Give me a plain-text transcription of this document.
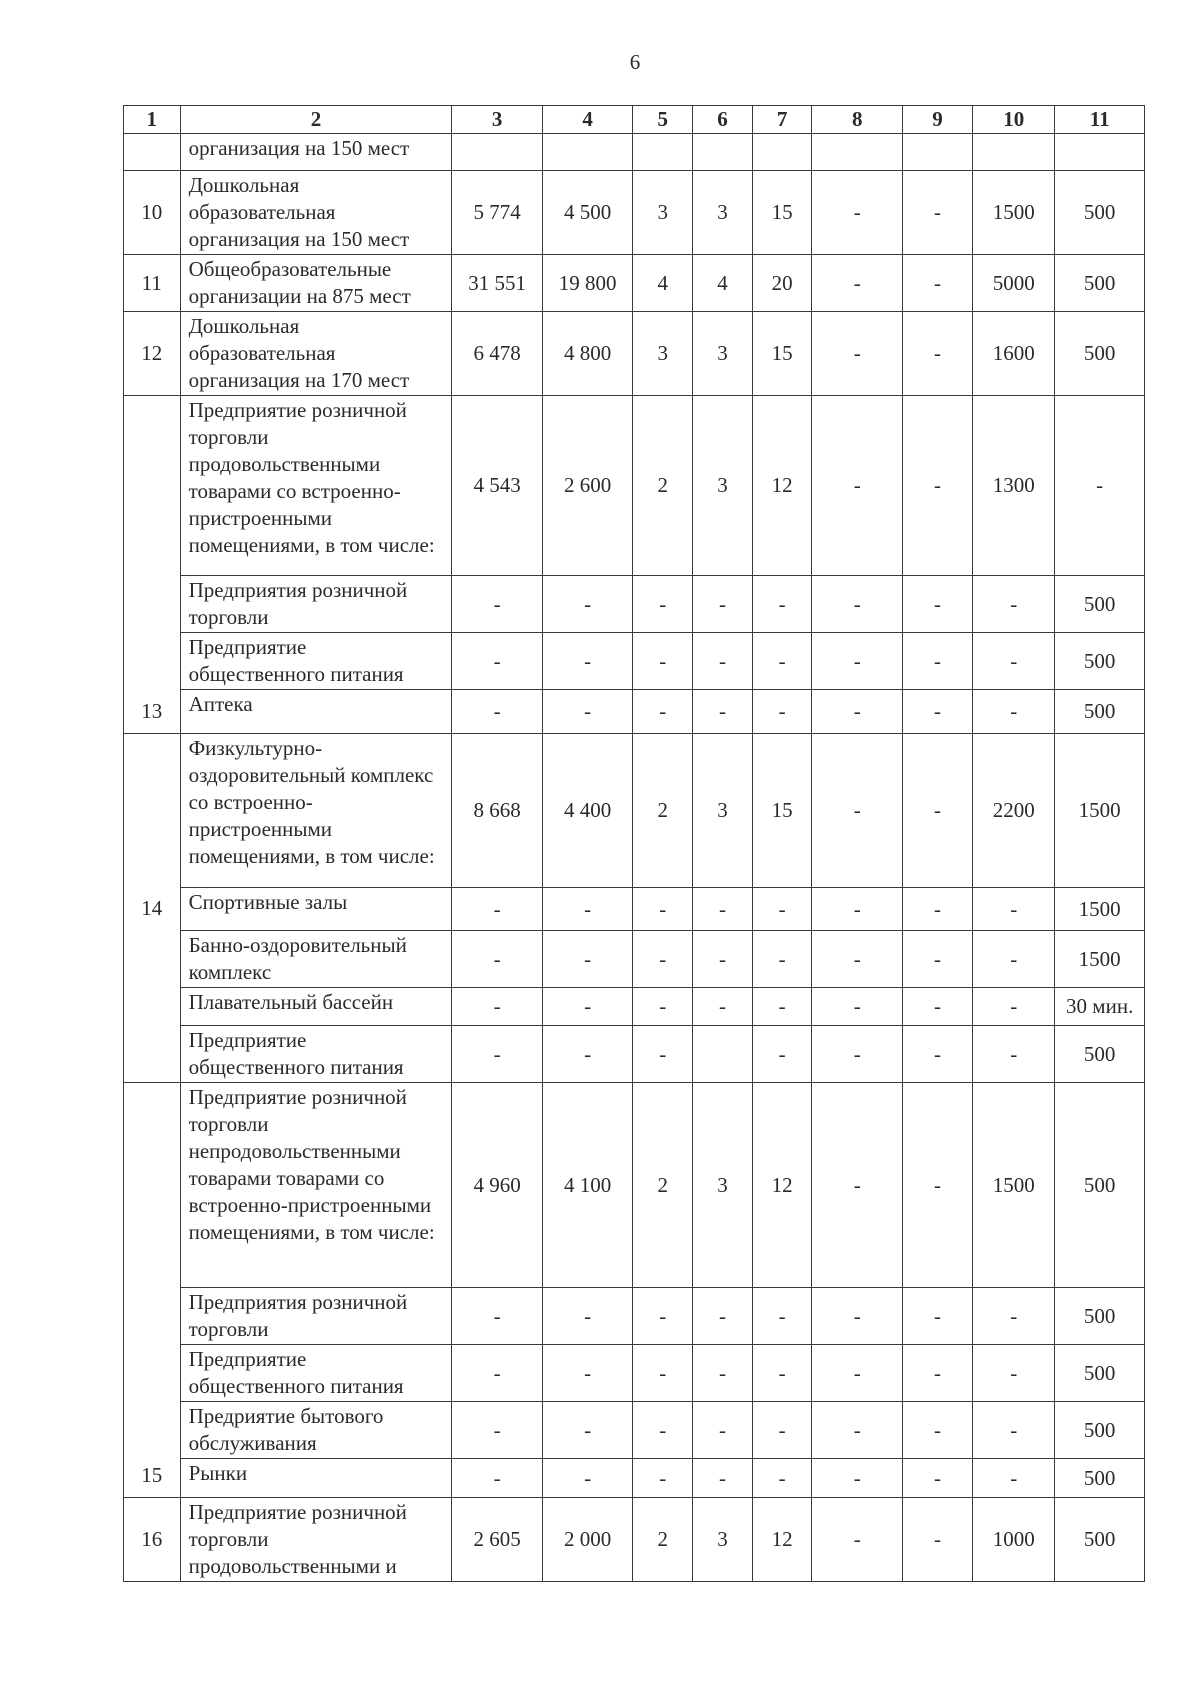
6
1	2	3	4	5	6	7	8	9	10	11
	организация на 150 мест									
10	Дошкольная образовательная организация на 150 мест	5 774	4 500	3	3	15	-	-	1500	500
11	Общеобразовательные организации на 875 мест	31 551	19 800	4	4	20	-	-	5000	500
12	Дошкольная образовательная организация на 170 мест	6 478	4 800	3	3	15	-	-	1600	500
13	Предприятие розничной торговли продовольственными товарами со встроенно-пристроенными помещениями, в том числе:	4 543	2 600	2	3	12	-	-	1300	-
	Предприятия розничной торговли	-	-	-	-	-	-	-	-	500
	Предприятие общественного питания	-	-	-	-	-	-	-	-	500
	Аптека	-	-	-	-	-	-	-	-	500
14	Физкультурно-оздоровительный комплекс со встроенно-пристроенными помещениями, в том числе:	8 668	4 400	2	3	15	-	-	2200	1500
	Спортивные залы	-	-	-	-	-	-	-	-	1500
	Банно-оздоровительный комплекс	-	-	-	-	-	-	-	-	1500
	Плавательный бассейн	-	-	-	-	-	-	-	-	30 мин.
	Предприятие общественного питания	-	-	-		-	-	-	-	500
15	Предприятие розничной торговли непродовольственными товарами товарами со встроенно-пристроенными помещениями, в том числе:	4 960	4 100	2	3	12	-	-	1500	500
	Предприятия розничной торговли	-	-	-	-	-	-	-	-	500
	Предприятие общественного питания	-	-	-	-	-	-	-	-	500
	Предрия​тие бытового обслуживания	-	-	-	-	-	-	-	-	500
	Рынки	-	-	-	-	-	-	-	-	500
16	Предприятие розничной торговли продовольственными и	2 605	2 000	2	3	12	-	-	1000	500
